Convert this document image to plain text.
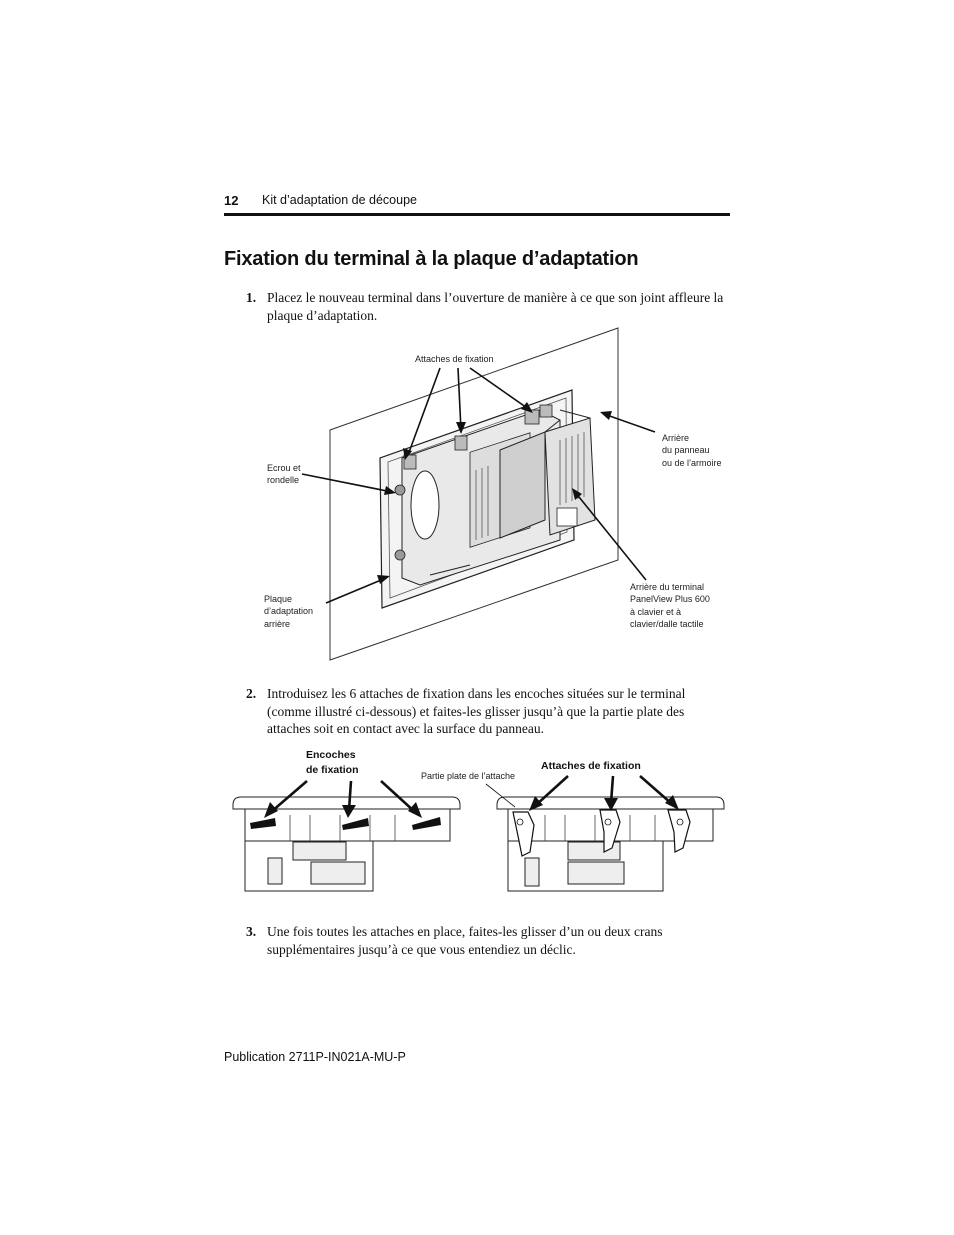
12 Kit d’adaptation de découpe
Fixation du terminal à la plaque d’adaptation
1. Placez le nouveau terminal dans l’ouverture de manière à ce que son joint affleure la plaque d’adaptation.
Attaches de fixation
Ecrou et
rondelle
Arrière
du panneau
ou de l’armoire
Plaque
d’adaptation
arrière
Arrière du terminal
PanelView Plus 600
à clavier et à
clavier/dalle tactile
2. Introduisez les 6 attaches de fixation dans les encoches situées sur le terminal (comme illustré ci-dessous) et faites-les glisser jusqu’à que la partie plate des attaches soit en contact avec la surface du panneau.
Encoches
de fixation	Partie plate de l’attache
Attaches de fixation
3. Une fois toutes les attaches en place, faites-les glisser d’un ou deux crans supplémentaires jusqu’à ce que vous entendiez un déclic.
Publication 2711P-IN021A-MU-P
